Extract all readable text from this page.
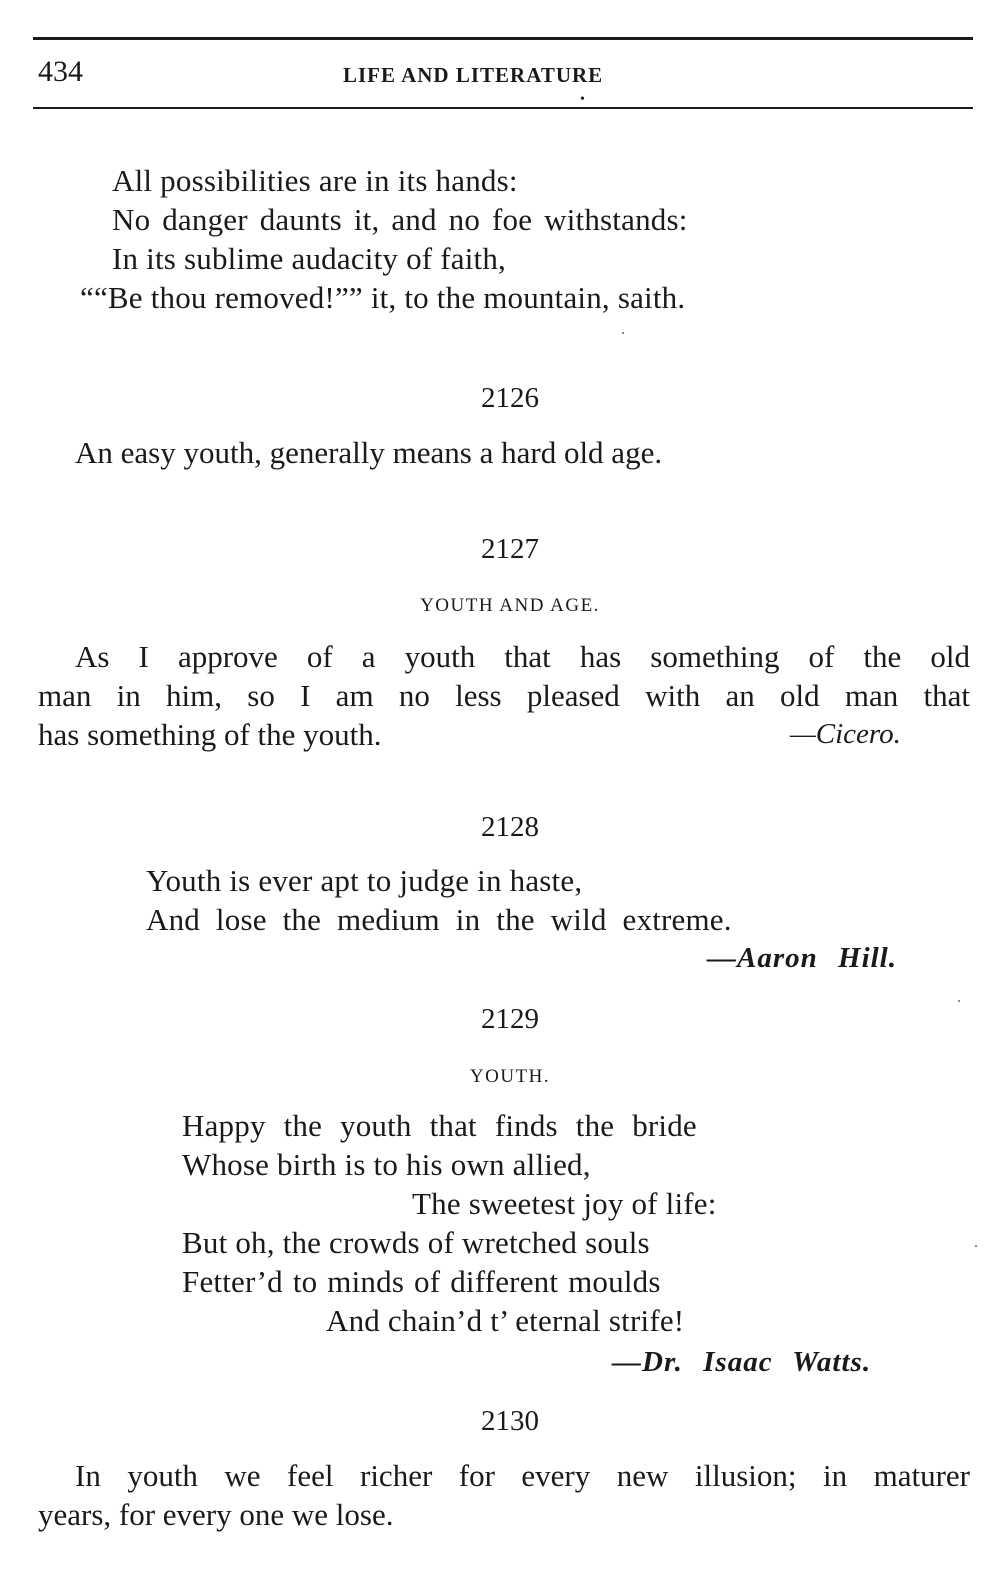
434	LIFE AND LITERATURE
•
All possibilities are in its hands:
No danger daunts it, and no foe withstands:
In its sublime audacity of faith,
““Be thou removed!”” it, to the mountain, saith.
2126
An easy youth, generally means a hard old age.
2127
YOUTH AND AGE.
As I approve of a youth that has something of the old
man in him, so I am no less pleased with an old man that
has something of the youth.	—Cicero.
2128
Youth is ever apt to judge in haste,
And lose the medium in the wild extreme.
—Aaron Hill.
2129
YOUTH.
Happy the youth that finds the bride
Whose birth is to his own allied,
The sweetest joy of life:
But oh, the crowds of wretched souls
Fetter’d to minds of different moulds
And chain’d t’ eternal strife!
—Dr. Isaac Watts.
2130
In youth we feel richer for every new illusion; in maturer
years, for every one we lose.
